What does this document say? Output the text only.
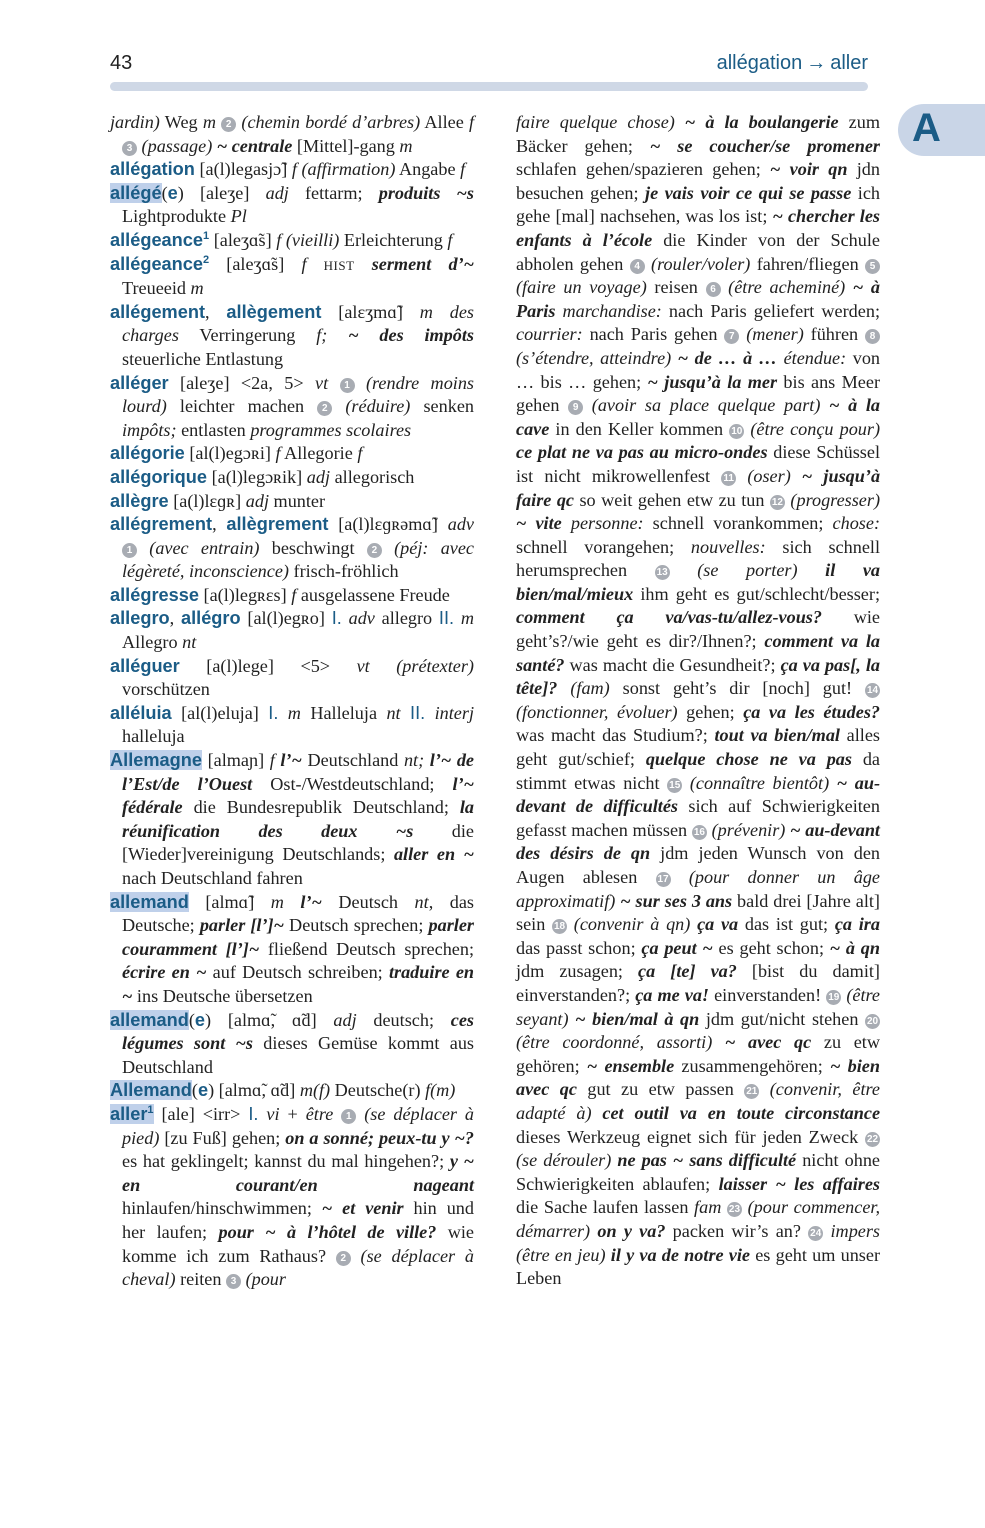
43	allégation → aller
A

jardin) Weg m 2 (chemin bordé d’arbres) Allee f 3 (passage) ~ centrale [Mittel]-gang m

allégation [a(l)legasjɔ̃] f (affirmation) Angabe f

allégé(e) [aleʒe] adj fettarm; produits ~s Lightprodukte Pl

allégeance$^1$ [aleʒɑ̃s] f (vieilli) Erleichterung f

allégeance$^2$ [aleʒɑ̃s] f HIST serment d’~ Treueeid m

allégement, allègement [alɛʒmɑ̃] m des charges Verringerung f; ~ des impôts steuerliche Entlastung

alléger [aleʒe] <2a, 5> vt 1 (rendre moins lourd) leichter machen 2 (réduire) senken impôts; entlasten programmes scolaires

allégorie [al(l)egɔʀi] f Allegorie f

allégorique [a(l)legɔʀik] adj allegorisch

allègre [a(l)lɛɡʀ] adj munter

allégrement, allègrement [a(l)lɛɡʀəmɑ̃] adv 1 (avec entrain) beschwingt 2 (péj: avec légèreté, inconscience) frisch-fröhlich

allégresse [a(l)legʀɛs] f ausgelassene Freude

allegro, allégro [al(l)egʀo] I. adv allegro II. m Allegro nt

alléguer [a(l)lege] <5> vt (prétexter) vorschützen

alléluia [al(l)eluja] I. m Halleluja nt II. interj halleluja

Allemagne [almaɲ] f l’~ Deutschland nt; l’~ de l’Est/de l’Ouest Ost-/Westdeutschland; l’~ fédérale die Bundesrepublik Deutschland; la réunification des deux ~s die [Wieder]vereinigung Deutschlands; aller en ~ nach Deutschland fahren

allemand [almɑ̃] m l’~ Deutsch nt, das Deutsche; parler [l’]~ Deutsch sprechen; parler couramment [l’]~ fließend Deutsch sprechen; écrire en ~ auf Deutsch schreiben; traduire en ~ ins Deutsche übersetzen

allemand(e) [almɑ̃, ɑ̃d] adj deutsch; ces légumes sont ~s dieses Gemüse kommt aus Deutschland

Allemand(e) [almɑ̃, ɑ̃d] m(f) Deutsche(r) f(m)

aller$^1$ [ale] <irr> I. vi + être 1 (se déplacer à pied) [zu Fuß] gehen; on a sonné; peux-tu y ~? es hat geklingelt; kannst du mal hingehen?; y ~ en courant/en nageant hinlaufen/hinschwimmen; ~ et venir hin und her laufen; pour ~ à l’hôtel de ville? wie komme ich zum Rathaus? 2 (se déplacer à cheval) reiten 3 (pour

faire quelque chose) ~ à la boulangerie zum Bäcker gehen; ~ se coucher/se promener schlafen gehen/spazieren gehen; ~ voir qn jdn besuchen gehen; je vais voir ce qui se passe ich gehe [mal] nachsehen, was los ist; ~ chercher les enfants à l’école die Kinder von der Schule abholen gehen 4 (rouler/voler) fahren/fliegen 5 (faire un voyage) reisen 6 (être acheminé) ~ à Paris marchandise: nach Paris geliefert werden; courrier: nach Paris gehen 7 (mener) führen 8 (s’étendre, atteindre) ~ de … à … étendue: von … bis … gehen; ~ jusqu’à la mer bis ans Meer gehen 9 (avoir sa place quelque part) ~ à la cave in den Keller kommen 10 (être conçu pour) ce plat ne va pas au micro-ondes diese Schüssel ist nicht mikrowellenfest 11 (oser) ~ jusqu’à faire qc so weit gehen etw zu tun 12 (progresser) ~ vite personne: schnell vorankommen; chose: schnell vorangehen; nouvelles: sich schnell herumsprechen 13 (se porter) il va bien/mal/mieux ihm geht es gut/schlecht/besser; comment ça va/vas-tu/allez-vous? wie geht’s?/wie geht es dir?/Ihnen?; comment va la santé? was macht die Gesundheit?; ça va pas[, la tête]? (fam) sonst geht’s dir [noch] gut! 14 (fonctionner, évoluer) gehen; ça va les études? was macht das Studium?; tout va bien/mal alles geht gut/schief; quelque chose ne va pas da stimmt etwas nicht 15 (connaître bientôt) ~ au-devant de difficultés sich auf Schwierigkeiten gefasst machen müssen 16 (prévenir) ~ au-devant des désirs de qn jdm jeden Wunsch von den Augen ablesen 17 (pour donner un âge approximatif) ~ sur ses 3 ans bald drei [Jahre alt] sein 18 (convenir à qn) ça va das ist gut; ça ira das passt schon; ça peut ~ es geht schon; ~ à qn jdm zusagen; ça [te] va? [bist du damit] einverstanden?; ça me va! einverstanden! 19 (être seyant) ~ bien/mal à qn jdm gut/nicht stehen 20 (être coordonné, assorti) ~ avec qc zu etw gehören; ~ ensemble zusammengehören; ~ bien avec qc gut zu etw passen 21 (convenir, être adapté à) cet outil va en toute circonstance dieses Werkzeug eignet sich für jeden Zweck 22 (se dérouler) ne pas ~ sans difficulté nicht ohne Schwierigkeiten ablaufen; laisser ~ les affaires die Sache laufen lassen fam 23 (pour commencer, démarrer) on y va? packen wir’s an? 24 impers (être en jeu) il y va de notre vie es geht um unser Leben
